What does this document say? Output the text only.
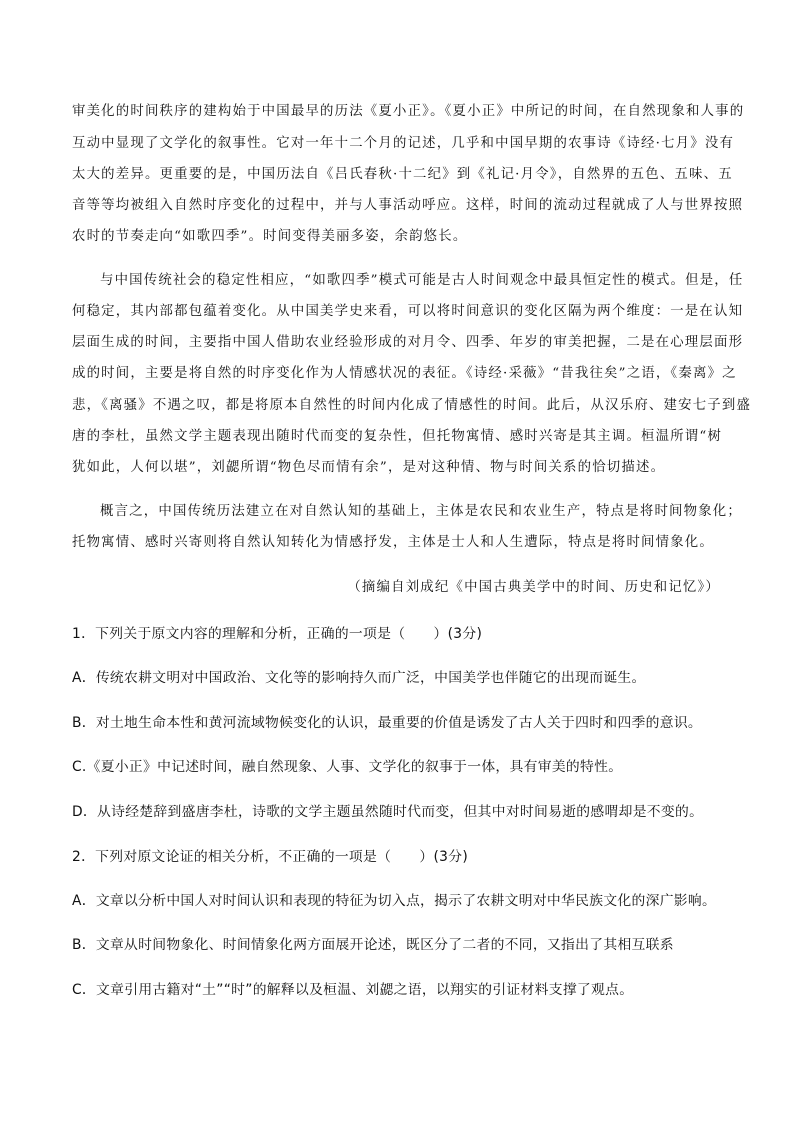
审美化的时间秩序的建构始于中国最早的历法《夏小正》。《夏小正》中所记的时间，在自然现象和人事的
互动中显现了文学化的叙事性。它对一年十二个月的记述，几乎和中国早期的农事诗《诗经·七月》没有
太大的差异。更重要的是，中国历法自《吕氏春秋·十二纪》到《礼记·月令》，自然界的五色、五味、五
音等等均被组入自然时序变化的过程中，并与人事活动呼应。这样，时间的流动过程就成了人与世界按照
农时的节奏走向“如歌四季”。时间变得美丽多姿，余韵悠长。
与中国传统社会的稳定性相应，“如歌四季”模式可能是古人时间观念中最具恒定性的模式。但是，任
何稳定，其内部都包蕴着变化。从中国美学史来看，可以将时间意识的变化区隔为两个维度：一是在认知
层面生成的时间，主要指中国人借助农业经验形成的对月令、四季、年岁的审美把握，二是在心理层面形
成的时间，主要是将自然的时序变化作为人情感状况的表征。《诗经·采薇》“昔我往矣”之语，《秦离》之
悲，《离骚》不遇之叹，都是将原本自然性的时间内化成了情感性的时间。此后，从汉乐府、建安七子到盛
唐的李杜，虽然文学主题表现出随时代而变的复杂性，但托物寓情、感时兴寄是其主调。桓温所谓“树
犹如此，人何以堪”，刘勰所谓“物色尽而情有余”，是对这种情、物与时间关系的恰切描述。
概言之，中国传统历法建立在对自然认知的基础上，主体是农民和农业生产，特点是将时间物象化；
托物寓情、感时兴寄则将自然认知转化为情感抒发，主体是士人和人生遭际，特点是将时间情象化。
（摘编自刘成纪《中国古典美学中的时间、历史和记忆》）
1．下列关于原文内容的理解和分析，正确的一项是（　　）(3分)
A．传统农耕文明对中国政治、文化等的影响持久而广泛，中国美学也伴随它的出现而诞生。
B．对土地生命本性和黄河流域物候变化的认识，最重要的价值是诱发了古人关于四时和四季的意识。
C.《夏小正》中记述时间，融自然现象、人事、文学化的叙事于一体，具有审美的特性。
D．从诗经楚辞到盛唐李杜，诗歌的文学主题虽然随时代而变，但其中对时间易逝的感喟却是不变的。
2．下列对原文论证的相关分析，不正确的一项是（　　）(3分)
A．文章以分析中国人对时间认识和表现的特征为切入点，揭示了农耕文明对中华民族文化的深广影响。
B．文章从时间物象化、时间情象化两方面展开论述，既区分了二者的不同，又指出了其相互联系
C．文章引用古籍对“土”“时”的解释以及桓温、刘勰之语，以翔实的引证材料支撑了观点。
